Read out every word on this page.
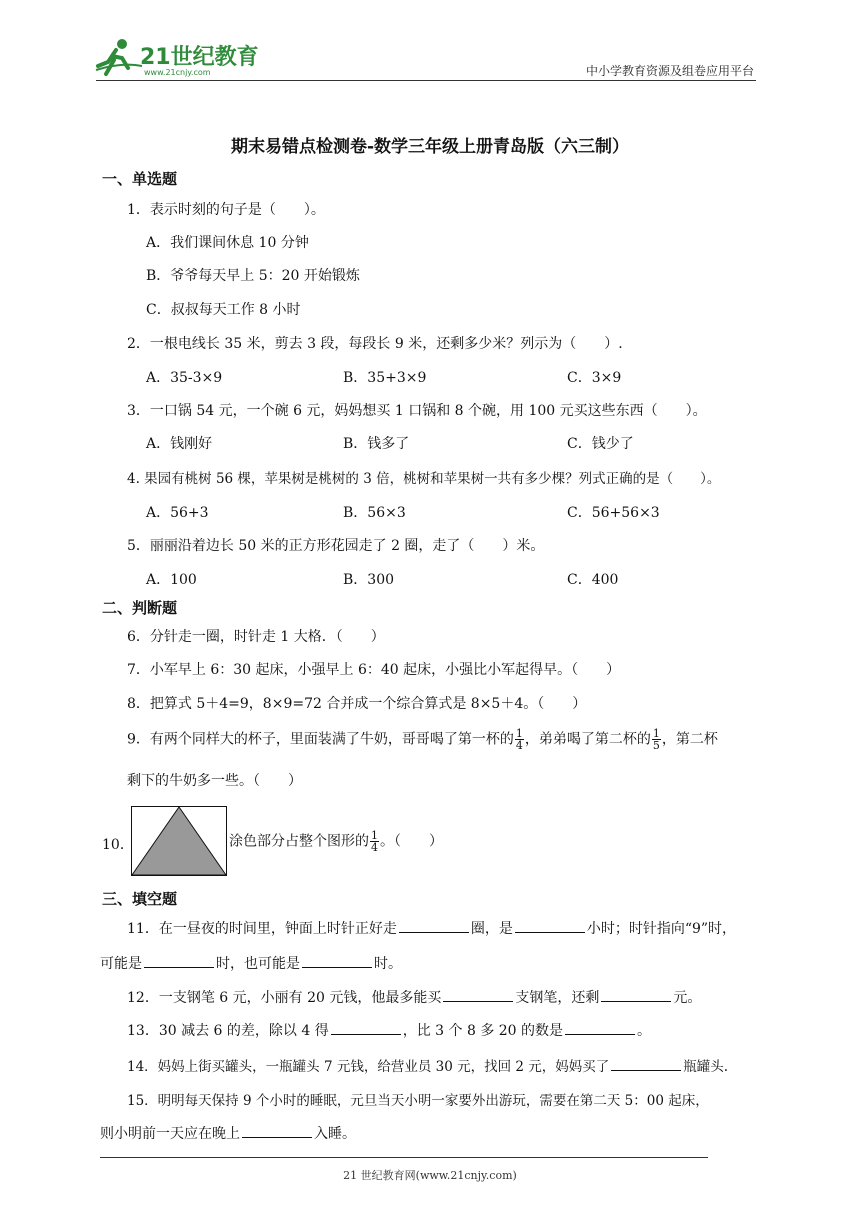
21世纪教育
www.21cnjy.com	中小学教育资源及组卷应用平台
期末易错点检测卷-数学三年级上册青岛版（六三制）
一、单选题
1．表示时刻的句子是（　　）。
A．我们课间休息 10 分钟
B．爷爷每天早上 5：20 开始锻炼
C．叔叔每天工作 8 小时
2．一根电线长 35 米，剪去 3 段，每段长 9 米，还剩多少米？列示为（　　）.
A．35-3×9	B．35+3×9	C．3×9
3．一口锅 54 元，一个碗 6 元，妈妈想买 1 口锅和 8 个碗，用 100 元买这些东西（　　）。
A．钱刚好	B．钱多了	C．钱少了
4. 果园有桃树 56 棵，苹果树是桃树的 3 倍，桃树和苹果树一共有多少棵？列式正确的是（　　）。
A．56+3	B．56×3	C．56+56×3
5．丽丽沿着边长 50 米的正方形花园走了 2 圈，走了（　　）米。
A．100	B．300	C．400
二、判断题
6．分针走一圈，时针走 1 大格．（　　）
7．小军早上 6：30 起床，小强早上 6：40 起床，小强比小军起得早。（　　）
8．把算式 5＋4=9，8×9=72 合并成一个综合算式是 8×5＋4。（　　）
9．有两个同样大的杯子，里面装满了牛奶，哥哥喝了第一杯的 $\frac{1}{4}$ ，弟弟喝了第二杯的 $\frac{1}{5}$ ，第二杯
剩下的牛奶多一些。（　　）
10．	涂色部分占整个图形的 $\frac{1}{4}$ 。（　　）
三、填空题
11．在一昼夜的时间里，钟面上时针正好走	圈，是	小时；时针指向“9”时，
可能是	时，也可能是	时。
12．一支钢笔 6 元，小丽有 20 元钱，他最多能买	支钢笔，还剩	元。
13．30 减去 6 的差，除以 4 得	，比 3 个 8 多 20 的数是	。
14．妈妈上街买罐头，一瓶罐头 7 元钱，给营业员 30 元，找回 2 元，妈妈买了	瓶罐头.
15．明明每天保持 9 个小时的睡眠，元旦当天小明一家要外出游玩，需要在第二天 5：00 起床，
则小明前一天应在晚上	入睡。
21 世纪教育网(www.21cnjy.com)
